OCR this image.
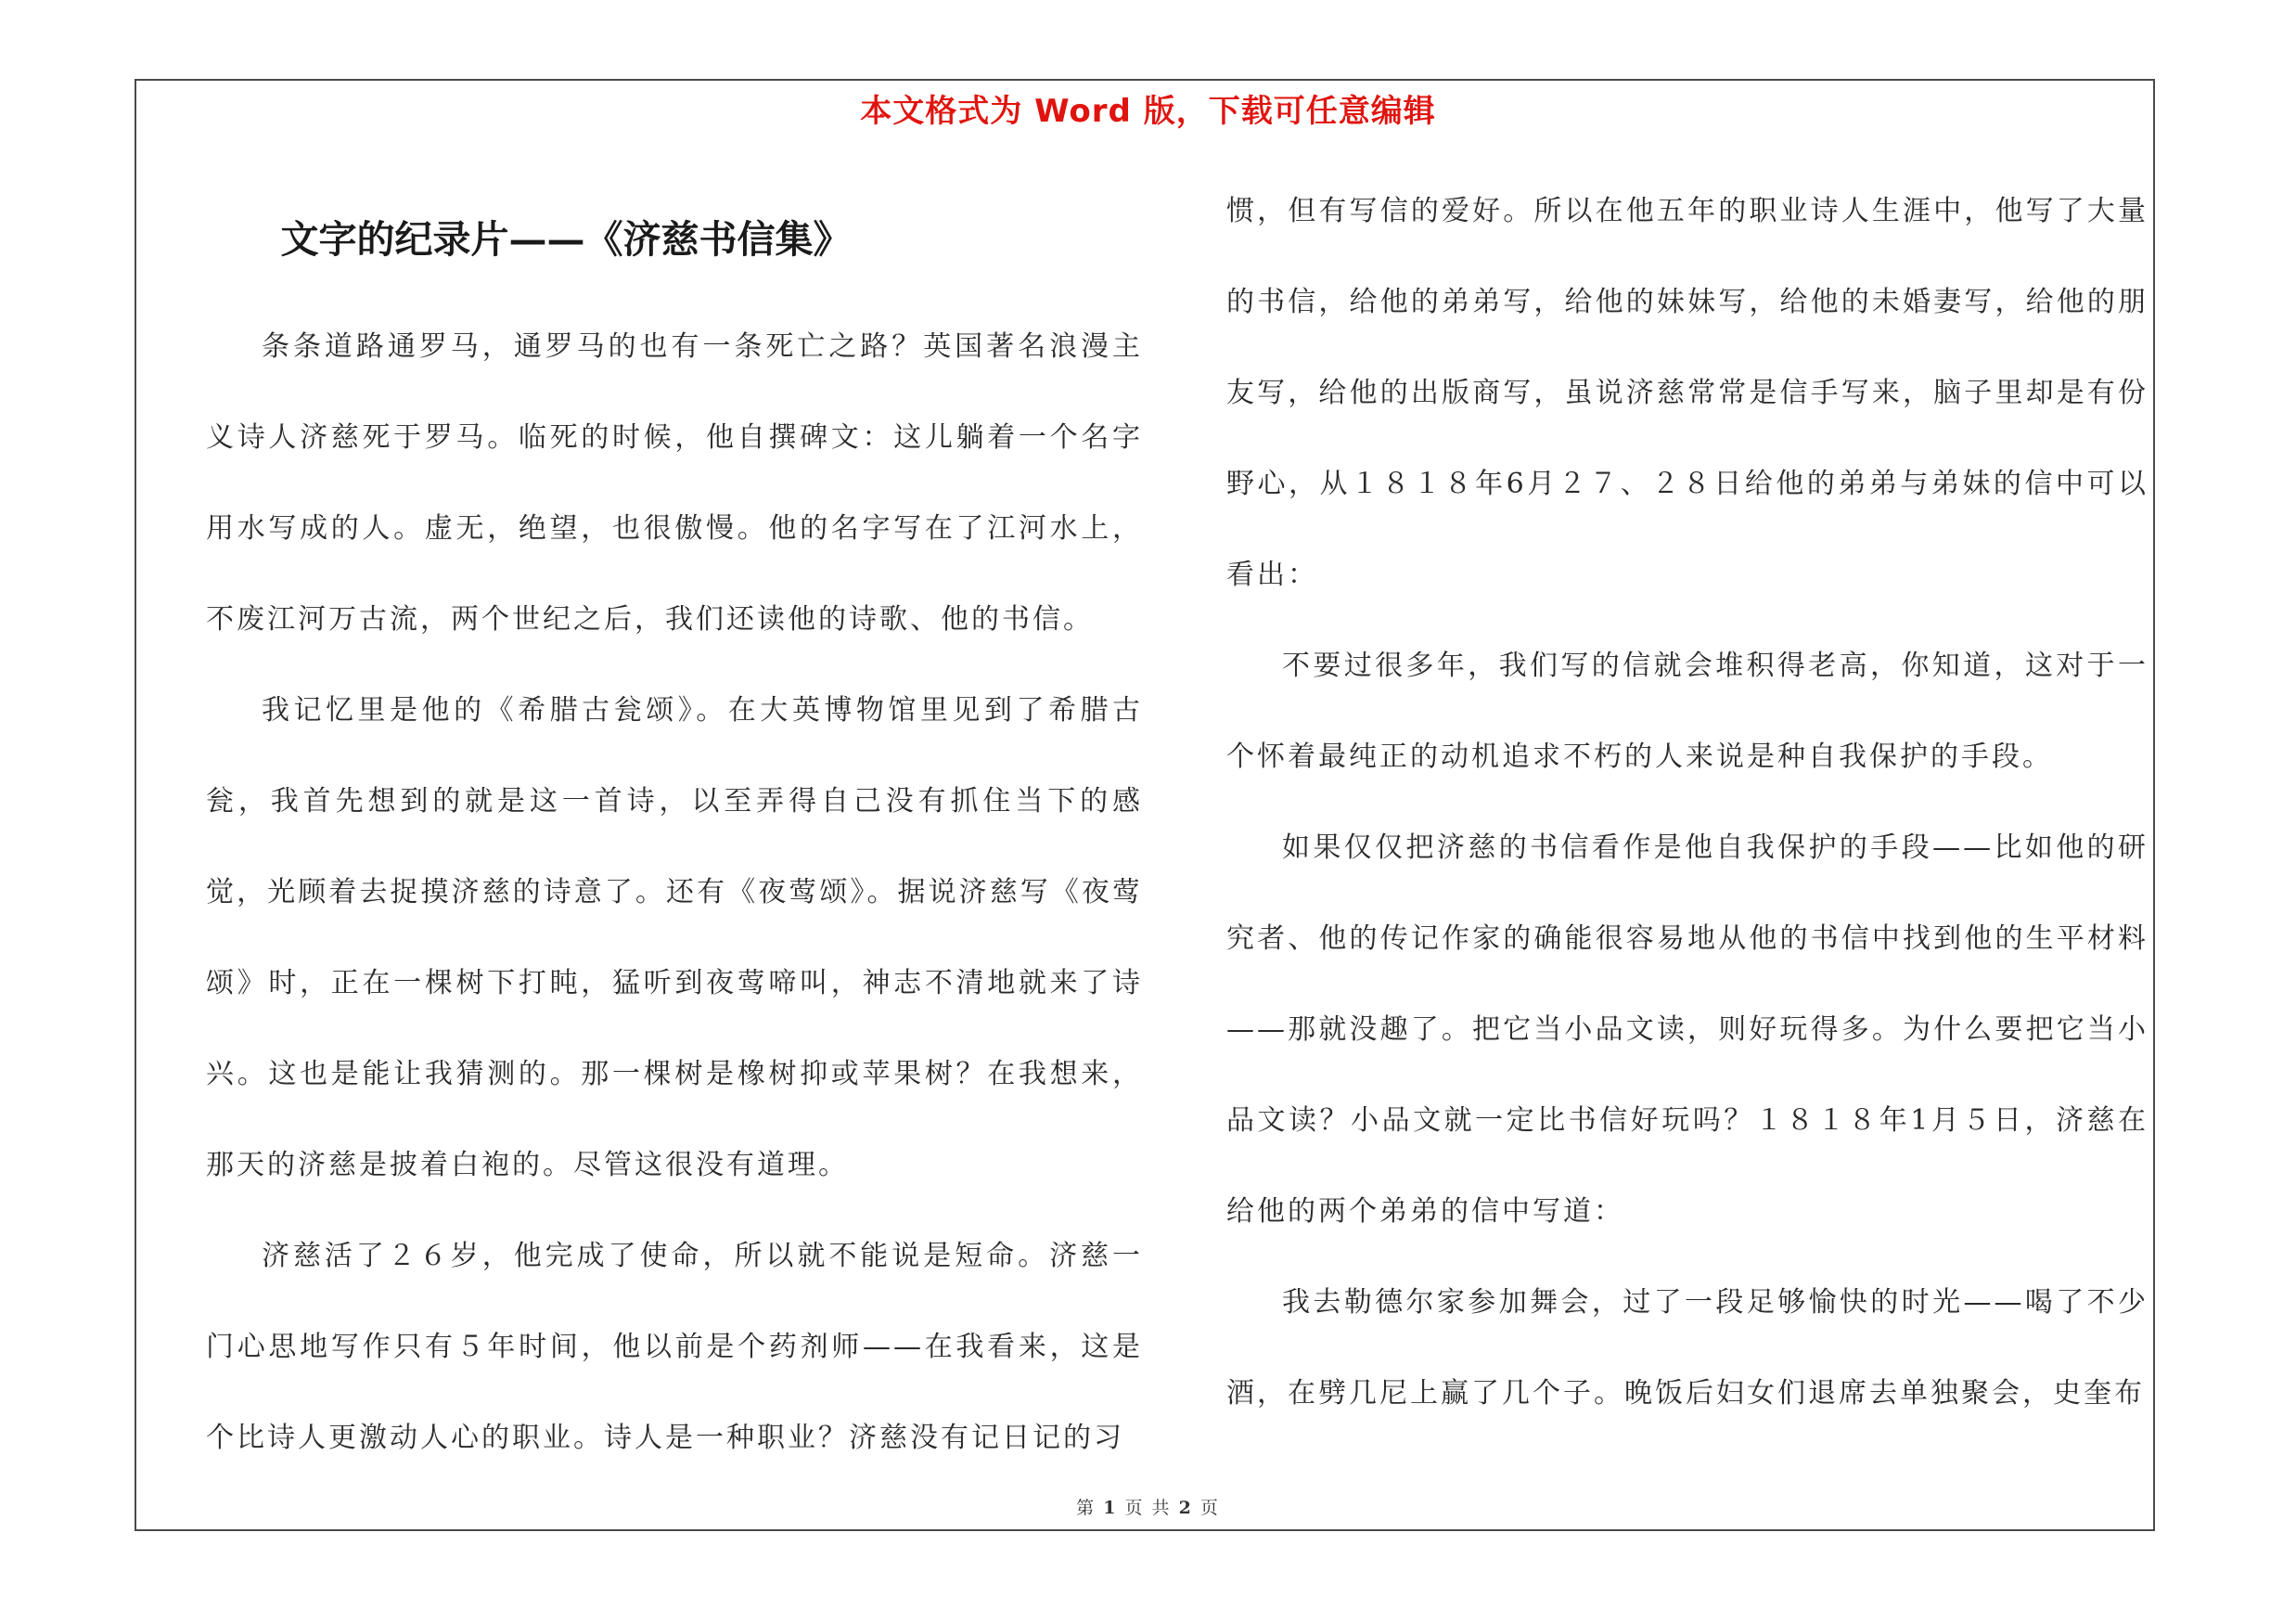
本文格式为 Word 版，下载可任意编辑
文字的纪录片——《济慈书信集》

条条道路通罗马，通罗马的也有一条死亡之路？英国著名浪漫主义诗人济慈死于罗马。临死的时候，他自撰碑文：这儿躺着一个名字用水写成的人。虚无，绝望，也很傲慢。他的名字写在了江河水上，不废江河万古流，两个世纪之后，我们还读他的诗歌、他的书信。

我记忆里是他的《希腊古瓮颂》。在大英博物馆里见到了希腊古瓮，我首先想到的就是这一首诗，以至弄得自己没有抓住当下的感觉，光顾着去捉摸济慈的诗意了。还有《夜莺颂》。据说济慈写《夜莺颂》时，正在一棵树下打盹，猛听到夜莺啼叫，神志不清地就来了诗兴。这也是能让我猜测的。那一棵树是橡树抑或苹果树？在我想来，那天的济慈是披着白袍的。尽管这很没有道理。

济慈活了２６岁，他完成了使命，所以就不能说是短命。济慈一门心思地写作只有５年时间，他以前是个药剂师——在我看来，这是个比诗人更激动人心的职业。诗人是一种职业？济慈没有记日记的习

惯，但有写信的爱好。所以在他五年的职业诗人生涯中，他写了大量的书信，给他的弟弟写，给他的妹妹写，给他的未婚妻写，给他的朋友写，给他的出版商写，虽说济慈常常是信手写来，脑子里却是有份野心，从１８１８年6月２７、２８日给他的弟弟与弟妹的信中可以看出：

不要过很多年，我们写的信就会堆积得老高，你知道，这对于一个怀着最纯正的动机追求不朽的人来说是种自我保护的手段。

如果仅仅把济慈的书信看作是他自我保护的手段——比如他的研究者、他的传记作家的确能很容易地从他的书信中找到他的生平材料——那就没趣了。把它当小品文读，则好玩得多。为什么要把它当小品文读？小品文就一定比书信好玩吗？１８１８年1月５日，济慈在给他的两个弟弟的信中写道：

我去勒德尔家参加舞会，过了一段足够愉快的时光——喝了不少酒，在劈几尼上赢了几个子。晚饭后妇女们退席去单独聚会，史奎布

第 1 页 共 2 页
